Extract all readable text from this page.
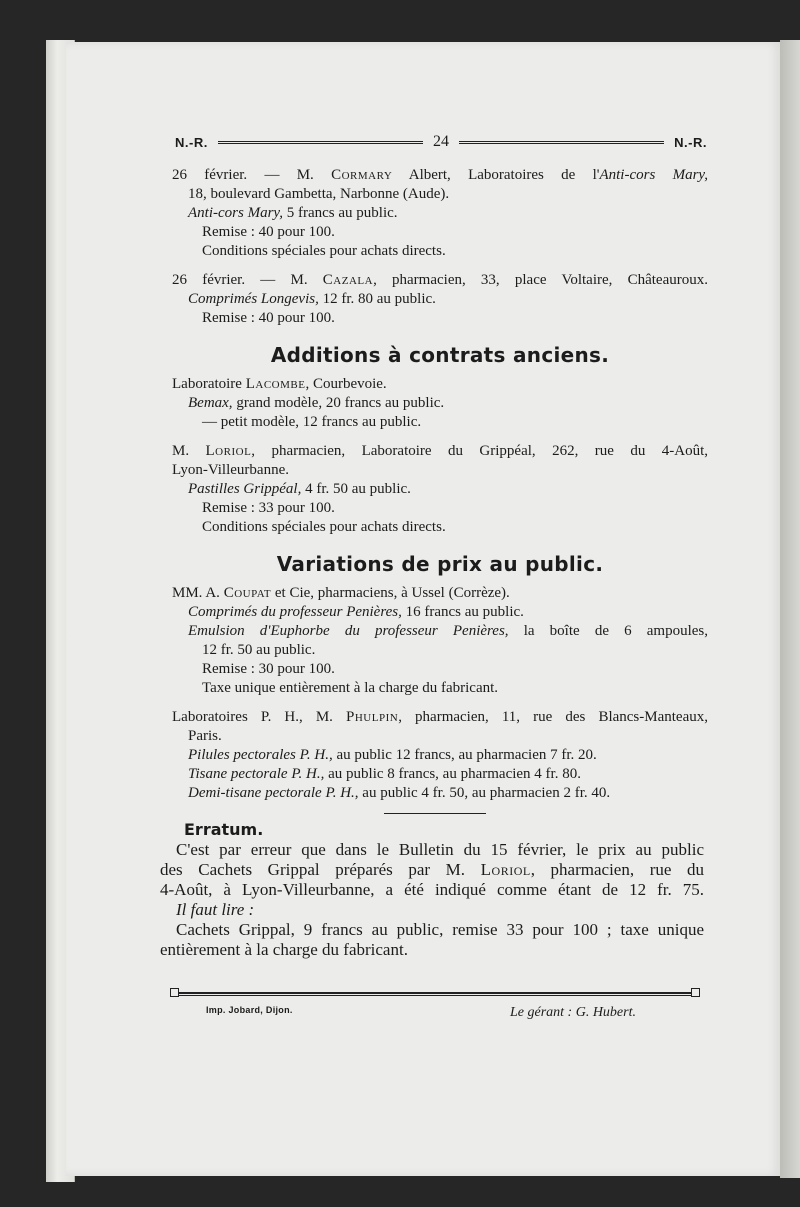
N.-R.	24	N.-R.

26 février. — M. Cormary Albert, Laboratoires de l'Anti-cors Mary,

18, boulevard Gambetta, Narbonne (Aude).

Anti-cors Mary, 5 francs au public.

Remise : 40 pour 100.

Conditions spéciales pour achats directs.

26 février. — M. Cazala, pharmacien, 33, place Voltaire, Châteauroux.

Comprimés Longevis, 12 fr. 80 au public.

Remise : 40 pour 100.

Additions à contrats anciens.

Laboratoire Lacombe, Courbevoie.

Bemax, grand modèle, 20 francs au public.

— petit modèle, 12 francs au public.

M. Loriol, pharmacien, Laboratoire du Grippéal, 262, rue du 4-Août,

Lyon-Villeurbanne.

Pastilles Grippéal, 4 fr. 50 au public.

Remise : 33 pour 100.

Conditions spéciales pour achats directs.

Variations de prix au public.

MM. A. Coupat et Cie, pharmaciens, à Ussel (Corrèze).

Comprimés du professeur Penières, 16 francs au public.

Emulsion d'Euphorbe du professeur Penières, la boîte de 6 ampoules,

12 fr. 50 au public.

Remise : 30 pour 100.

Taxe unique entièrement à la charge du fabricant.

Laboratoires P. H., M. Phulpin, pharmacien, 11, rue des Blancs-Manteaux,

Paris.

Pilules pectorales P. H., au public 12 francs, au pharmacien 7 fr. 20.

Tisane pectorale P. H., au public 8 francs, au pharmacien 4 fr. 80.

Demi-tisane pectorale P. H., au public 4 fr. 50, au pharmacien 2 fr. 40.

Erratum.

C'est par erreur que dans le Bulletin du 15 février, le prix au public

des Cachets Grippal préparés par M. Loriol, pharmacien, rue du

4-Août, à Lyon-Villeurbanne, a été indiqué comme étant de 12 fr. 75.

Il faut lire :

Cachets Grippal, 9 francs au public, remise 33 pour 100 ; taxe unique

entièrement à la charge du fabricant.

Imp. Jobard, Dijon.	Le gérant : G. Hubert.
